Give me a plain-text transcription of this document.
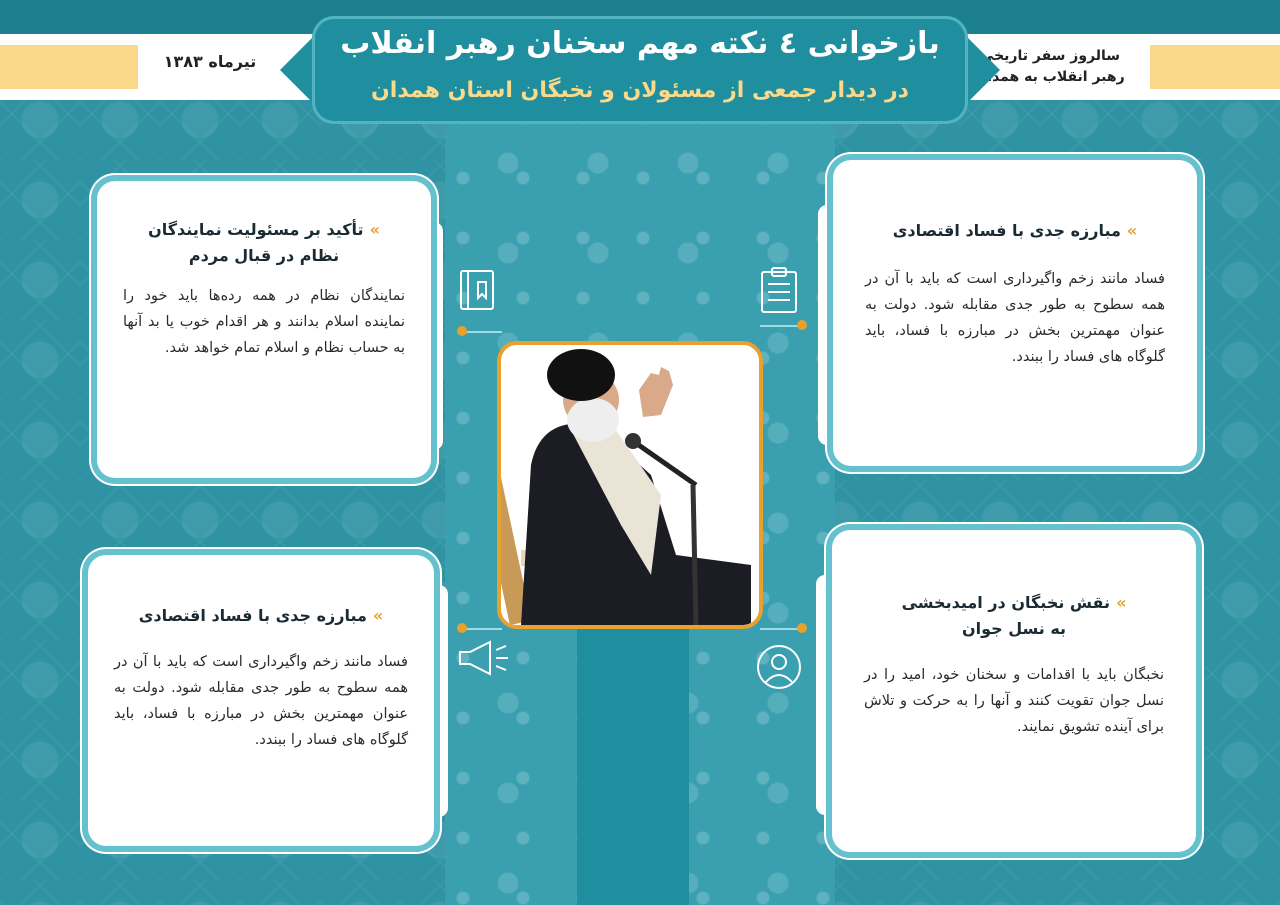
تیرماه ۱۳۸۳	سالروز سفر تاریخی
رهبر انقلاب به همدان
بازخوانی ٤ نکته مهم سخنان رهبر انقلاب
در دیدار جمعی از مسئولان و نخبگان استان همدان
»تأکید بر مسئولیت نمایندگان
نظام در قبال مردم
نمایندگان نظام در همه رده‌ها باید خود را نماینده اسلام بدانند و هر اقدام خوب یا بد آنها به حساب نظام و اسلام تمام خواهد شد.
»مبارزه جدی با فساد اقتصادی
فساد مانند زخم واگیرداری است که باید با آن در همه سطوح به طور جدی مقابله شود. دولت به عنوان مهمترین بخش در مبارزه با فساد، باید گلوگاه های فساد را ببندد.
»مبارزه جدی با فساد اقتصادی
فساد مانند زخم واگیرداری است که باید با آن در همه سطوح به طور جدی مقابله شود. دولت به عنوان مهمترین بخش در مبارزه با فساد، باید گلوگاه های فساد را ببندد.
»نقش نخبگان در امیدبخشی
به نسل جوان
نخبگان باید با اقدامات و سخنان خود، امید را در نسل جوان تقویت کنند و آنها را به حرکت و تلاش برای آینده تشویق نمایند.
